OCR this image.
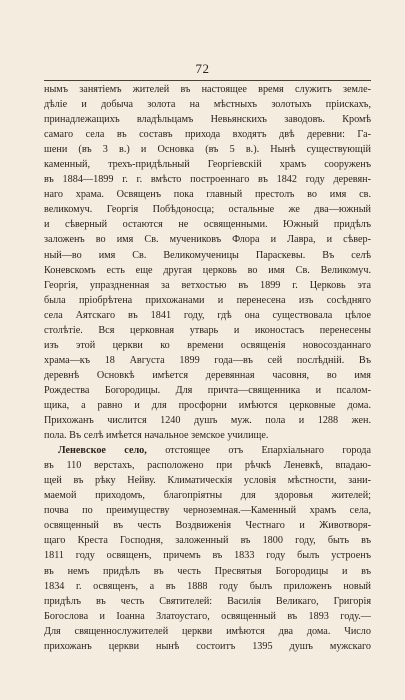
72
нымъ занятіемъ жителей въ настоящее время служитъ земле-
дѣліе и добыча золота на мѣстныхъ золотыхъ пріискахъ,
принадлежащихъ владѣльцамъ Невьянскихъ заводовъ. Кромѣ
самаго села въ составъ прихода входятъ двѣ деревни: Га-
шени (въ 3 в.) и Основка (въ 5 в.). Нынѣ существующій
каменный, трехъ-придѣльный Георгіевскій храмъ сооруженъ
въ 1884—1899 г. г. вмѣсто построеннаго въ 1842 году деревян-
наго храма. Освященъ пока главный престолъ во имя св.
великомуч. Георгія Побѣдоносца; остальные же два—южный
и сѣверный остаются не освященными. Южный придѣлъ
заложенъ во имя Св. мучениковъ Флора и Лавра, и сѣвер-
ный—во имя Св. Великомученицы Параскевы. Въ селѣ
Коневскомъ есть еще другая церковь во имя Св. Великомуч.
Георгія, упраздненная за ветхостью въ 1899 г. Церковь эта
была пріобрѣтена прихожанами и перенесена изъ сосѣдняго
села Аятскаго въ 1841 году, гдѣ она существовала цѣлое
столѣтіе. Вся церковная утварь и иконостасъ перенесены
изъ этой церкви ко времени освященія новосозданнаго
храма—къ 18 Августа 1899 года—въ сей послѣдній. Въ
деревнѣ Основкѣ имѣется деревянная часовня, во имя
Рождества Богородицы. Для причта—священника и псалом-
щика, а равно и для просфорни имѣются церковные дома.
Прихожанъ числится 1240 душъ муж. пола и 1288 жен.
пола. Въ селѣ имѣется начальное земское училище.
Леневское село, отстоящее отъ Епархіальнаго города
въ 110 верстахъ, расположено при рѣчкѣ Леневкѣ, впадаю-
щей въ рѣку Нейву. Климатическія условія мѣстности, зани-
маемой приходомъ, благопріятны для здоровья жителей;
почва по преимуществу черноземная.—Каменный храмъ села,
освященный въ честь Воздвиженія Честнаго и Животворя-
щаго Креста Господня, заложенный въ 1800 году, быть въ
1811 году освященъ, причемъ въ 1833 году былъ устроенъ
въ немъ придѣлъ въ честь Пресвятыя Богородицы и въ
1834 г. освященъ, а въ 1888 году былъ приложенъ новый
придѣлъ въ честь Святителей: Василія Великаго, Григорія
Богослова и Іоанна Златоустаго, освященный въ 1893 году.—
Для священнослужителей церкви имѣются два дома. Число
прихожанъ церкви нынѣ состоитъ 1395 душъ мужскаго
